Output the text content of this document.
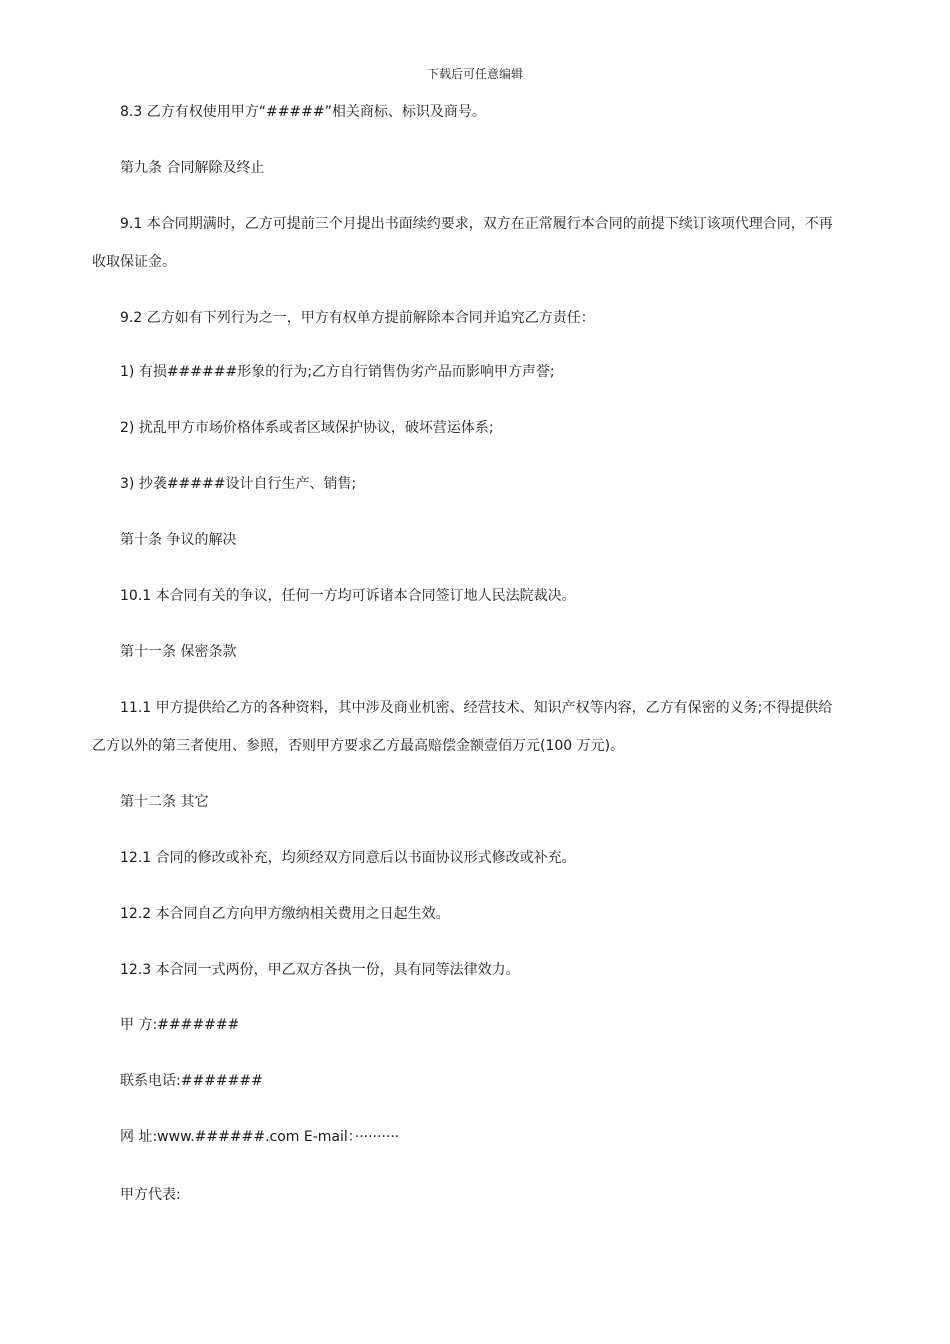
下载后可任意编辑
8.3 乙方有权使用甲方“#####”相关商标、标识及商号。
第九条 合同解除及终止
9.1 本合同期满时，乙方可提前三个月提出书面续约要求，双方在正常履行本合同的前提下续订该项代理合同，不再
收取保证金。
9.2 乙方如有下列行为之一，甲方有权单方提前解除本合同并追究乙方责任：
1) 有损######形象的行为;乙方自行销售伪劣产品而影响甲方声誉;
2) 扰乱甲方市场价格体系或者区域保护协议，破坏营运体系;
3) 抄袭#####设计自行生产、销售;
第十条 争议的解决
10.1 本合同有关的争议，任何一方均可诉诸本合同签订地人民法院裁决。
第十一条 保密条款
11.1 甲方提供给乙方的各种资料，其中涉及商业机密、经营技术、知识产权等内容，乙方有保密的义务;不得提供给
乙方以外的第三者使用、参照，否则甲方要求乙方最高赔偿金额壹佰万元(100 万元)。
第十二条 其它
12.1 合同的修改或补充，均须经双方同意后以书面协议形式修改或补充。
12.2 本合同自乙方向甲方缴纳相关费用之日起生效。
12.3 本合同一式两份，甲乙双方各执一份，具有同等法律效力。
甲 方:#######
联系电话:#######
网 址:www.######.com E-mail：··········
甲方代表:
